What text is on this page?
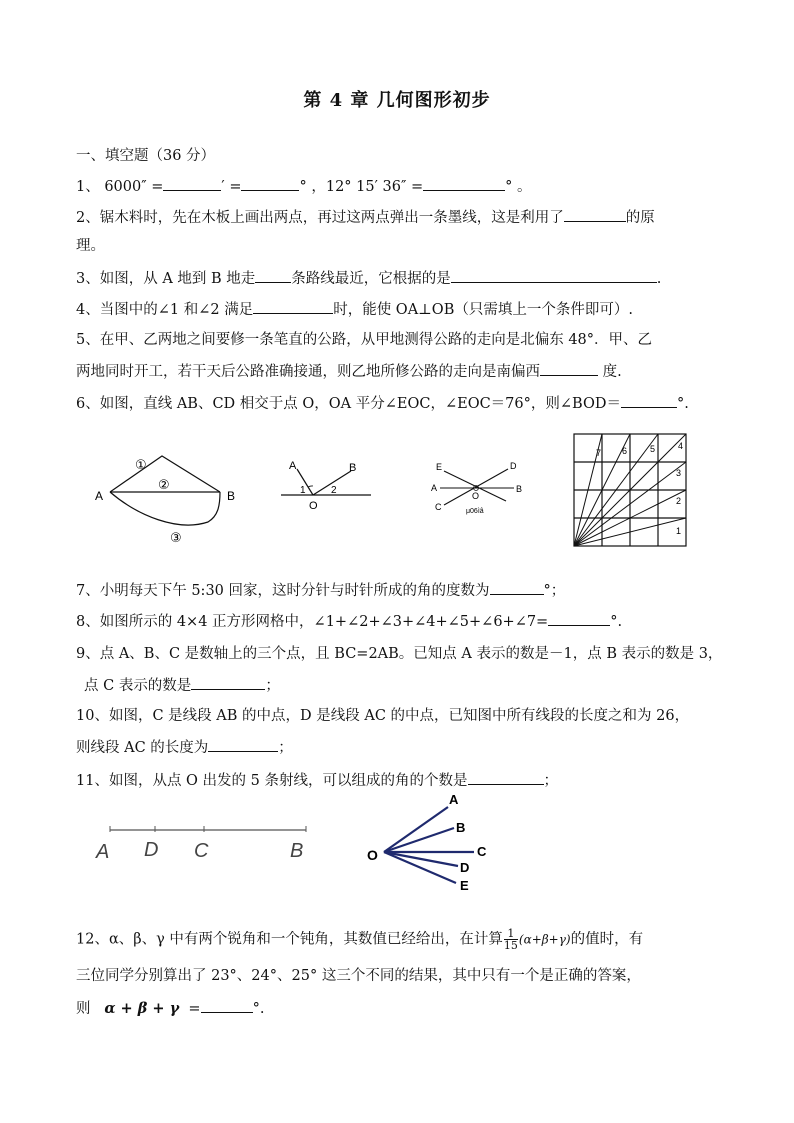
第 4 章 几何图形初步
一、填空题（36 分）
1、 6000″ =	′ =	° ，12° 15′ 36″ =	° 。
2、锯木料时，先在木板上画出两点，再过这两点弹出一条墨线，这是利用了	的原
理。
3、如图，从 A 地到 B 地走 条路线最近，它根据的是	.
4、当图中的∠1 和∠2 满足	时，能使 OA⊥OB（只需填上一个条件即可）.
5、在甲、乙两地之间要修一条笔直的公路，从甲地测得公路的走向是北偏东 48°．甲、乙
两地同时开工，若干天后公路准确接通，则乙地所修公路的走向是南偏西	度.
6、如图，直线 AB、CD 相交于点 O，OA 平分∠EOC，∠EOC＝76°，则∠BOD＝	°.
①
②
③
A	B
A	B
O
1	2
E	D
A	B
C
O
μ06ìâ
1
2
3
4
5
6
7
7、小明每天下午 5:30 回家，这时分针与时针所成的角的度数为	°；
8、如图所示的 4×4 正方形网格中，∠1+∠2+∠3+∠4+∠5+∠6+∠7=	°.
9、点 A、B、C 是数轴上的三个点，且 BC=2AB。已知点 A 表示的数是－1，点 B 表示的数是 3，
点 C 表示的数是	；
10、如图，C 是线段 AB 的中点，D 是线段 AC 的中点，已知图中所有线段的长度之和为 26，
则线段 AC 的长度为	；
11、如图，从点 O 出发的 5 条射线，可以组成的角的个数是	；
A D C	B	O
A
B
C
D
E
12、α、β、γ 中有两个锐角和一个钝角，其数值已经给出，在计算 $\frac{1}{15} (\alpha+\beta+\gamma)$的值时，有
三位同学分别算出了 23°、24°、25° 这三个不同的结果，其中只有一个是正确的答案，
则 α + β + γ =	°.
